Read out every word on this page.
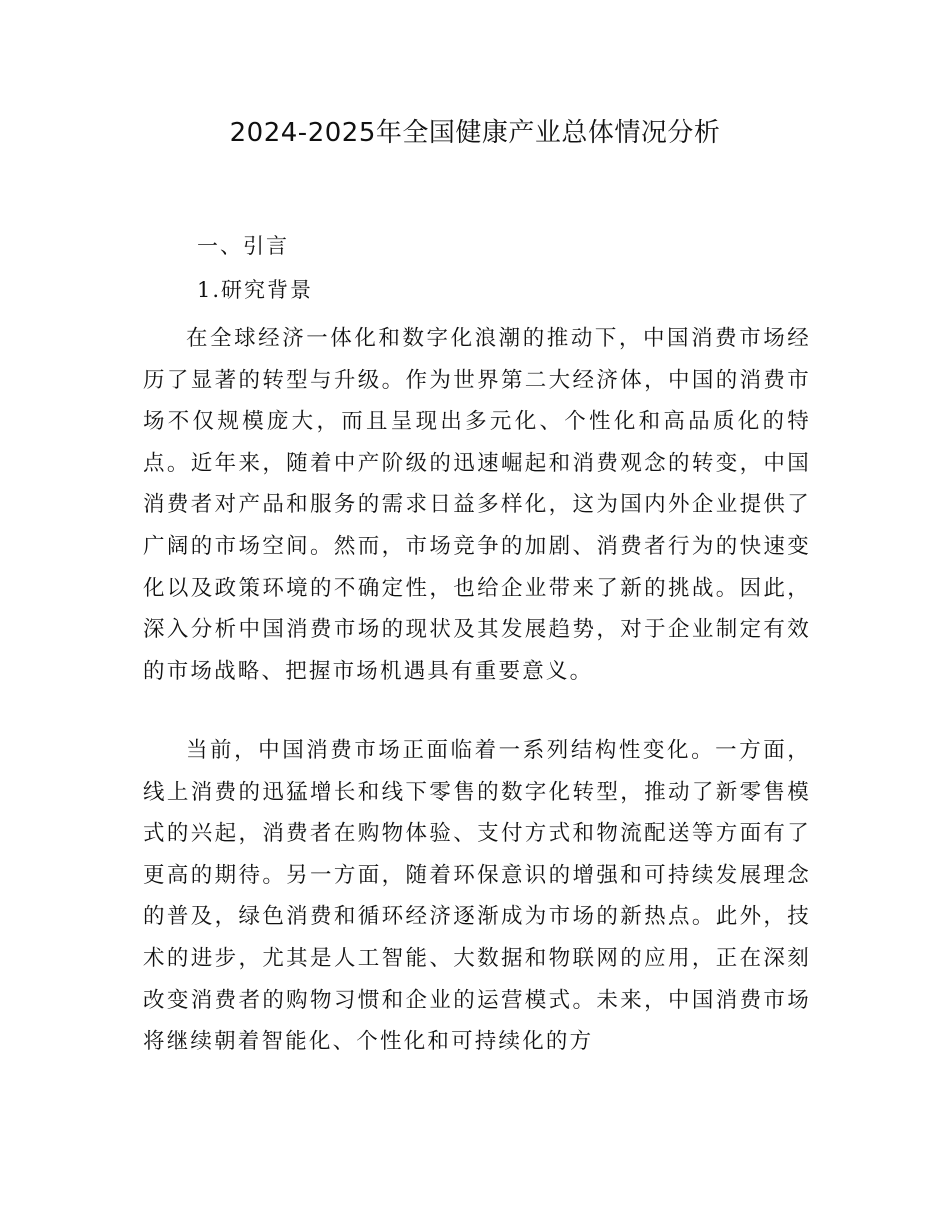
2024-2025年全国健康产业总体情况分析
一、引言
1.研究背景

在全球经济一体化和数字化浪潮的推动下，中国消费市场经历了显著的转型与升级。作为世界第二大经济体，中国的消费市场不仅规模庞大，而且呈现出多元化、个性化和高品质化的特点。近年来，随着中产阶级的迅速崛起和消费观念的转变，中国消费者对产品和服务的需求日益多样化，这为国内外企业提供了广阔的市场空间。然而，市场竞争的加剧、消费者行为的快速变化以及政策环境的不确定性，也给企业带来了新的挑战。因此，深入分析中国消费市场的现状及其发展趋势，对于企业制定有效的市场战略、把握市场机遇具有重要意义。

当前，中国消费市场正面临着一系列结构性变化。一方面，线上消费的迅猛增长和线下零售的数字化转型，推动了新零售模式的兴起，消费者在购物体验、支付方式和物流配送等方面有了更高的期待。另一方面，随着环保意识的增强和可持续发展理念的普及，绿色消费和循环经济逐渐成为市场的新热点。此外，技术的进步，尤其是人工智能、大数据和物联网的应用，正在深刻改变消费者的购物习惯和企业的运营模式。未来，中国消费市场将继续朝着智能化、个性化和可持续化的方
